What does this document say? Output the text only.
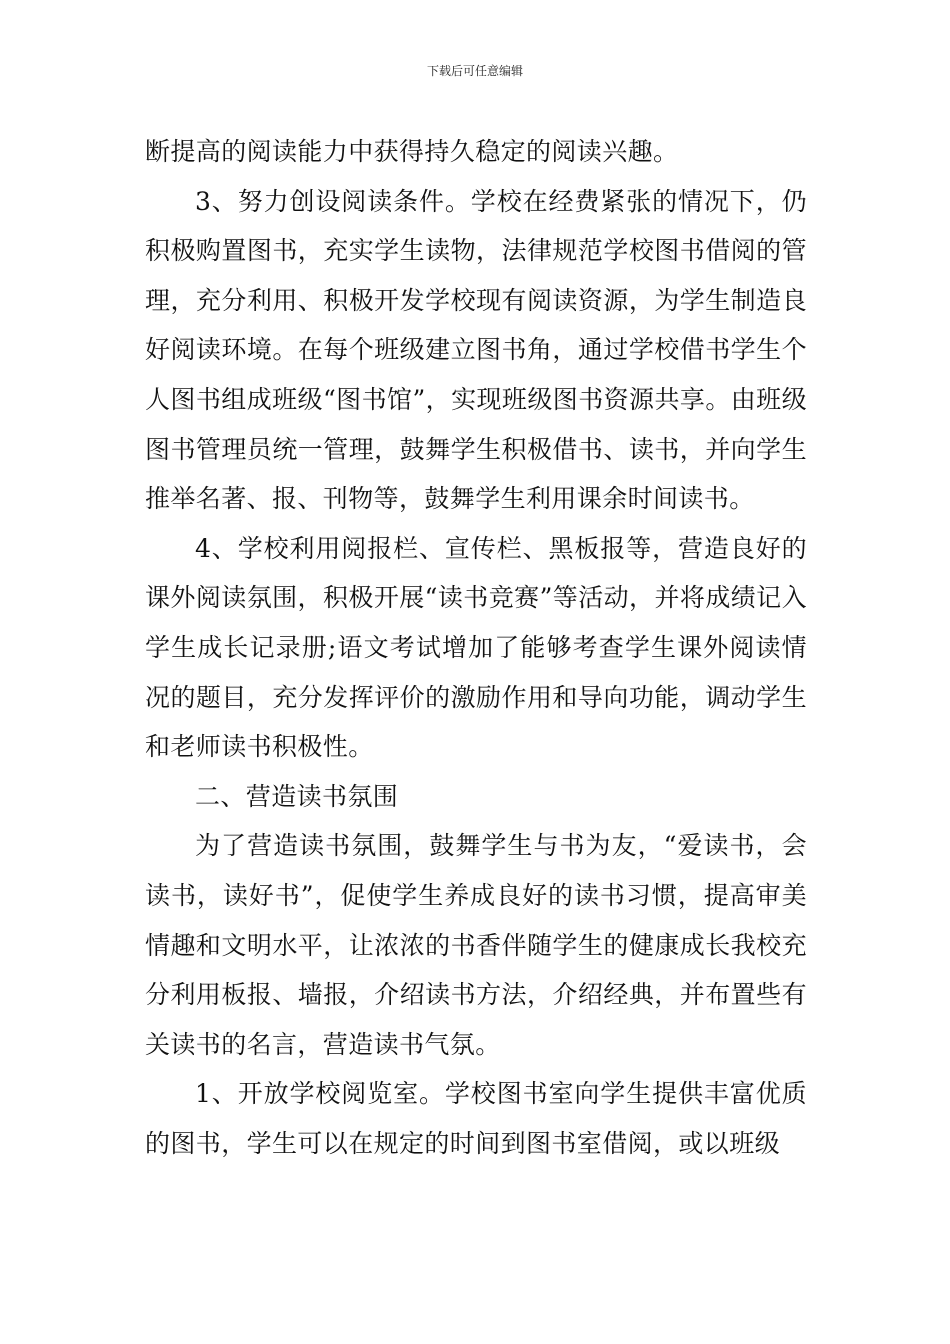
下载后可任意编辑

断提高的阅读能力中获得持久稳定的阅读兴趣。

3、努力创设阅读条件。学校在经费紧张的情况下，仍积极购置图书，充实学生读物，法律规范学校图书借阅的管理，充分利用、积极开发学校现有阅读资源，为学生制造良好阅读环境。在每个班级建立图书角，通过学校借书学生个人图书组成班级“图书馆”，实现班级图书资源共享。由班级图书管理员统一管理，鼓舞学生积极借书、读书，并向学生推举名著、报、刊物等，鼓舞学生利用课余时间读书。

4、学校利用阅报栏、宣传栏、黑板报等，营造良好的课外阅读氛围，积极开展“读书竞赛”等活动，并将成绩记入学生成长记录册;语文考试增加了能够考查学生课外阅读情况的题目，充分发挥评价的激励作用和导向功能，调动学生和老师读书积极性。

二、营造读书氛围

为了营造读书氛围，鼓舞学生与书为友，“爱读书，会读书，读好书”，促使学生养成良好的读书习惯，提高审美情趣和文明水平，让浓浓的书香伴随学生的健康成长我校充分利用板报、墙报，介绍读书方法，介绍经典，并布置些有关读书的名言，营造读书气氛。

1、开放学校阅览室。学校图书室向学生提供丰富优质的图书，学生可以在规定的时间到图书室借阅，或以班级
